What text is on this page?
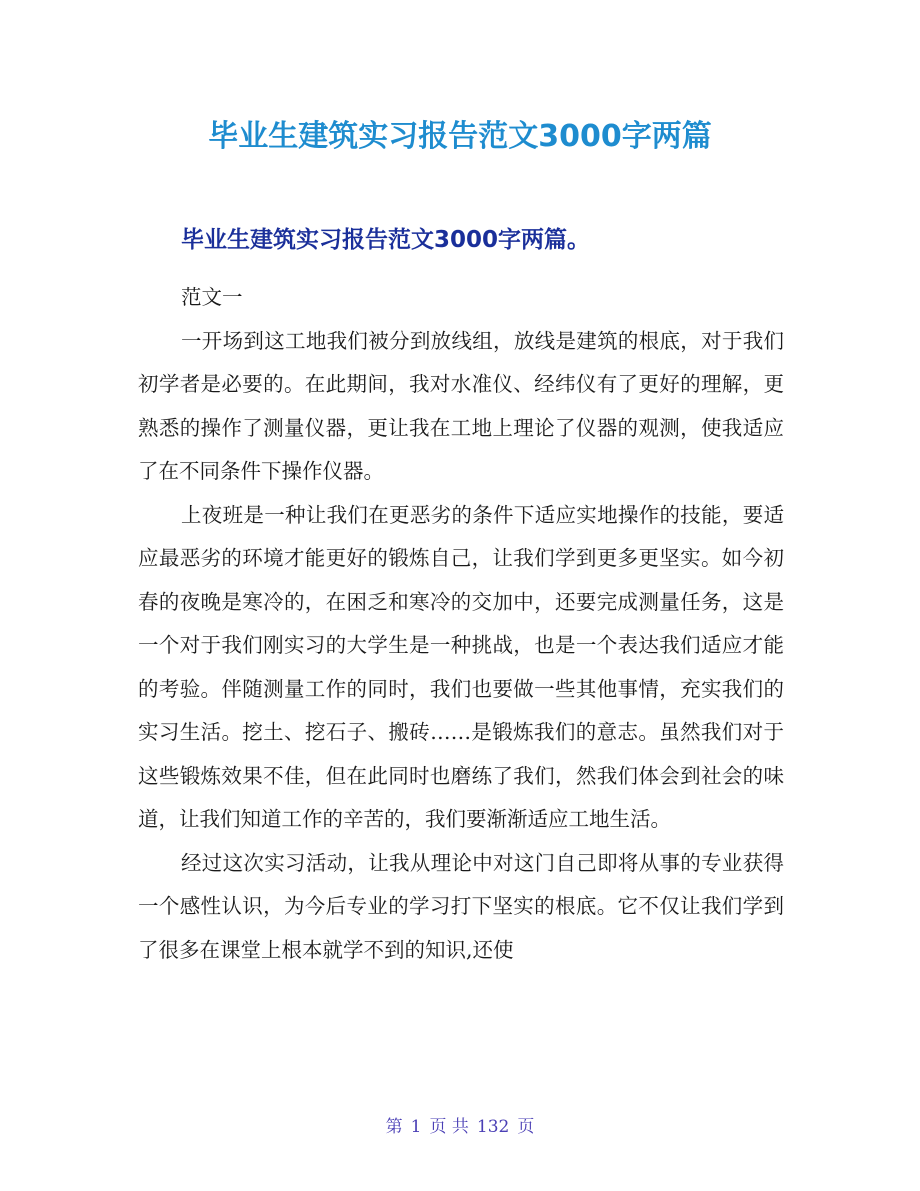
毕业生建筑实习报告范文3000字两篇
毕业生建筑实习报告范文3000字两篇。

范文一

一开场到这工地我们被分到放线组，放线是建筑的根底，对于我们初学者是必要的。在此期间，我对水准仪、经纬仪有了更好的理解，更熟悉的操作了测量仪器，更让我在工地上理论了仪器的观测，使我适应了在不同条件下操作仪器。

上夜班是一种让我们在更恶劣的条件下适应实地操作的技能，要适应最恶劣的环境才能更好的锻炼自己，让我们学到更多更坚实。如今初春的夜晚是寒冷的，在困乏和寒冷的交加中，还要完成测量任务，这是一个对于我们刚实习的大学生是一种挑战，也是一个表达我们适应才能的考验。伴随测量工作的同时，我们也要做一些其他事情，充实我们的实习生活。挖土、挖石子、搬砖……是锻炼我们的意志。虽然我们对于这些锻炼效果不佳，但在此同时也磨练了我们，然我们体会到社会的味道，让我们知道工作的辛苦的，我们要渐渐适应工地生活。

经过这次实习活动，让我从理论中对这门自己即将从事的专业获得一个感性认识，为今后专业的学习打下坚实的根底。它不仅让我们学到了很多在课堂上根本就学不到的知识,还使

第 1 页 共 132 页
